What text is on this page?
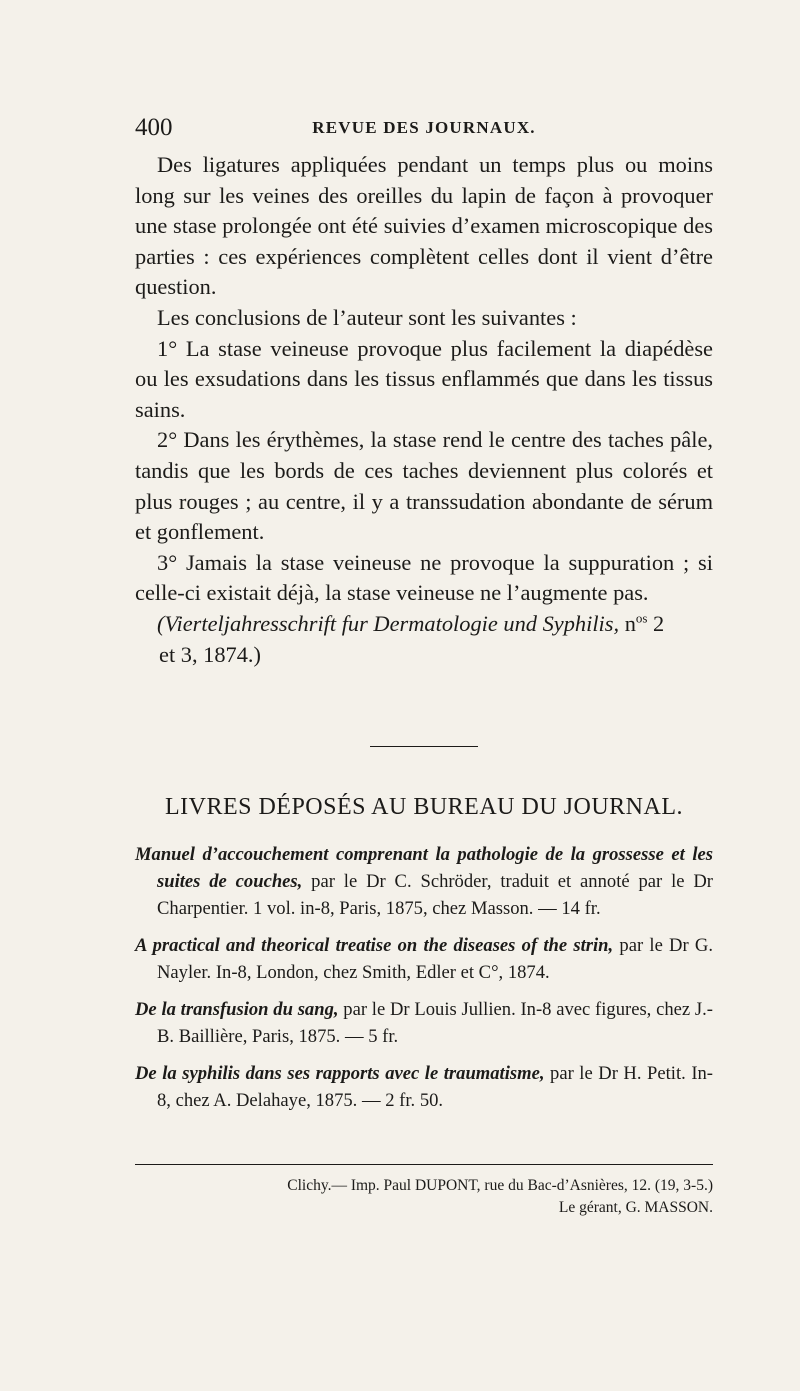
400	REVUE DES JOURNAUX.

Des ligatures appliquées pendant un temps plus ou moins long sur les veines des oreilles du lapin de façon à provoquer une stase prolongée ont été suivies d’examen microscopique des parties : ces expériences complètent celles dont il vient d’être question.

Les conclusions de l’auteur sont les suivantes :

1° La stase veineuse provoque plus facilement la diapédèse ou les exsudations dans les tissus enflammés que dans les tissus sains.

2° Dans les érythèmes, la stase rend le centre des taches pâle, tandis que les bords de ces taches deviennent plus colorés et plus rouges ; au centre, il y a transsudation abondante de sérum et gonflement.

3° Jamais la stase veineuse ne provoque la suppuration ; si celle-ci existait déjà, la stase veineuse ne l’augmente pas.

(Vierteljahresschrift fur Dermatologie und Syphilis, $n^{os}$ 2

et 3, 1874.)

LIVRES DÉPOSÉS AU BUREAU DU JOURNAL.

Manuel d’accouchement comprenant la pathologie de la grossesse et les suites de couches, par le Dr C. Schröder, traduit et annoté par le Dr Charpentier. 1 vol. in-8, Paris, 1875, chez Masson. — 14 fr.

A practical and theorical treatise on the diseases of the strin, par le Dr G. Nayler. In-8, London, chez Smith, Edler et C°, 1874.

De la transfusion du sang, par le Dr Louis Jullien. In-8 avec figures, chez J.-B. Baillière, Paris, 1875. — 5 fr.

De la syphilis dans ses rapports avec le traumatisme, par le Dr H. Petit. In-8, chez A. Delahaye, 1875. — 2 fr. 50.

Clichy.— Imp. Paul DUPONT, rue du Bac-d’Asnières, 12. (19, 3-5.)
Le gérant, G. MASSON.
